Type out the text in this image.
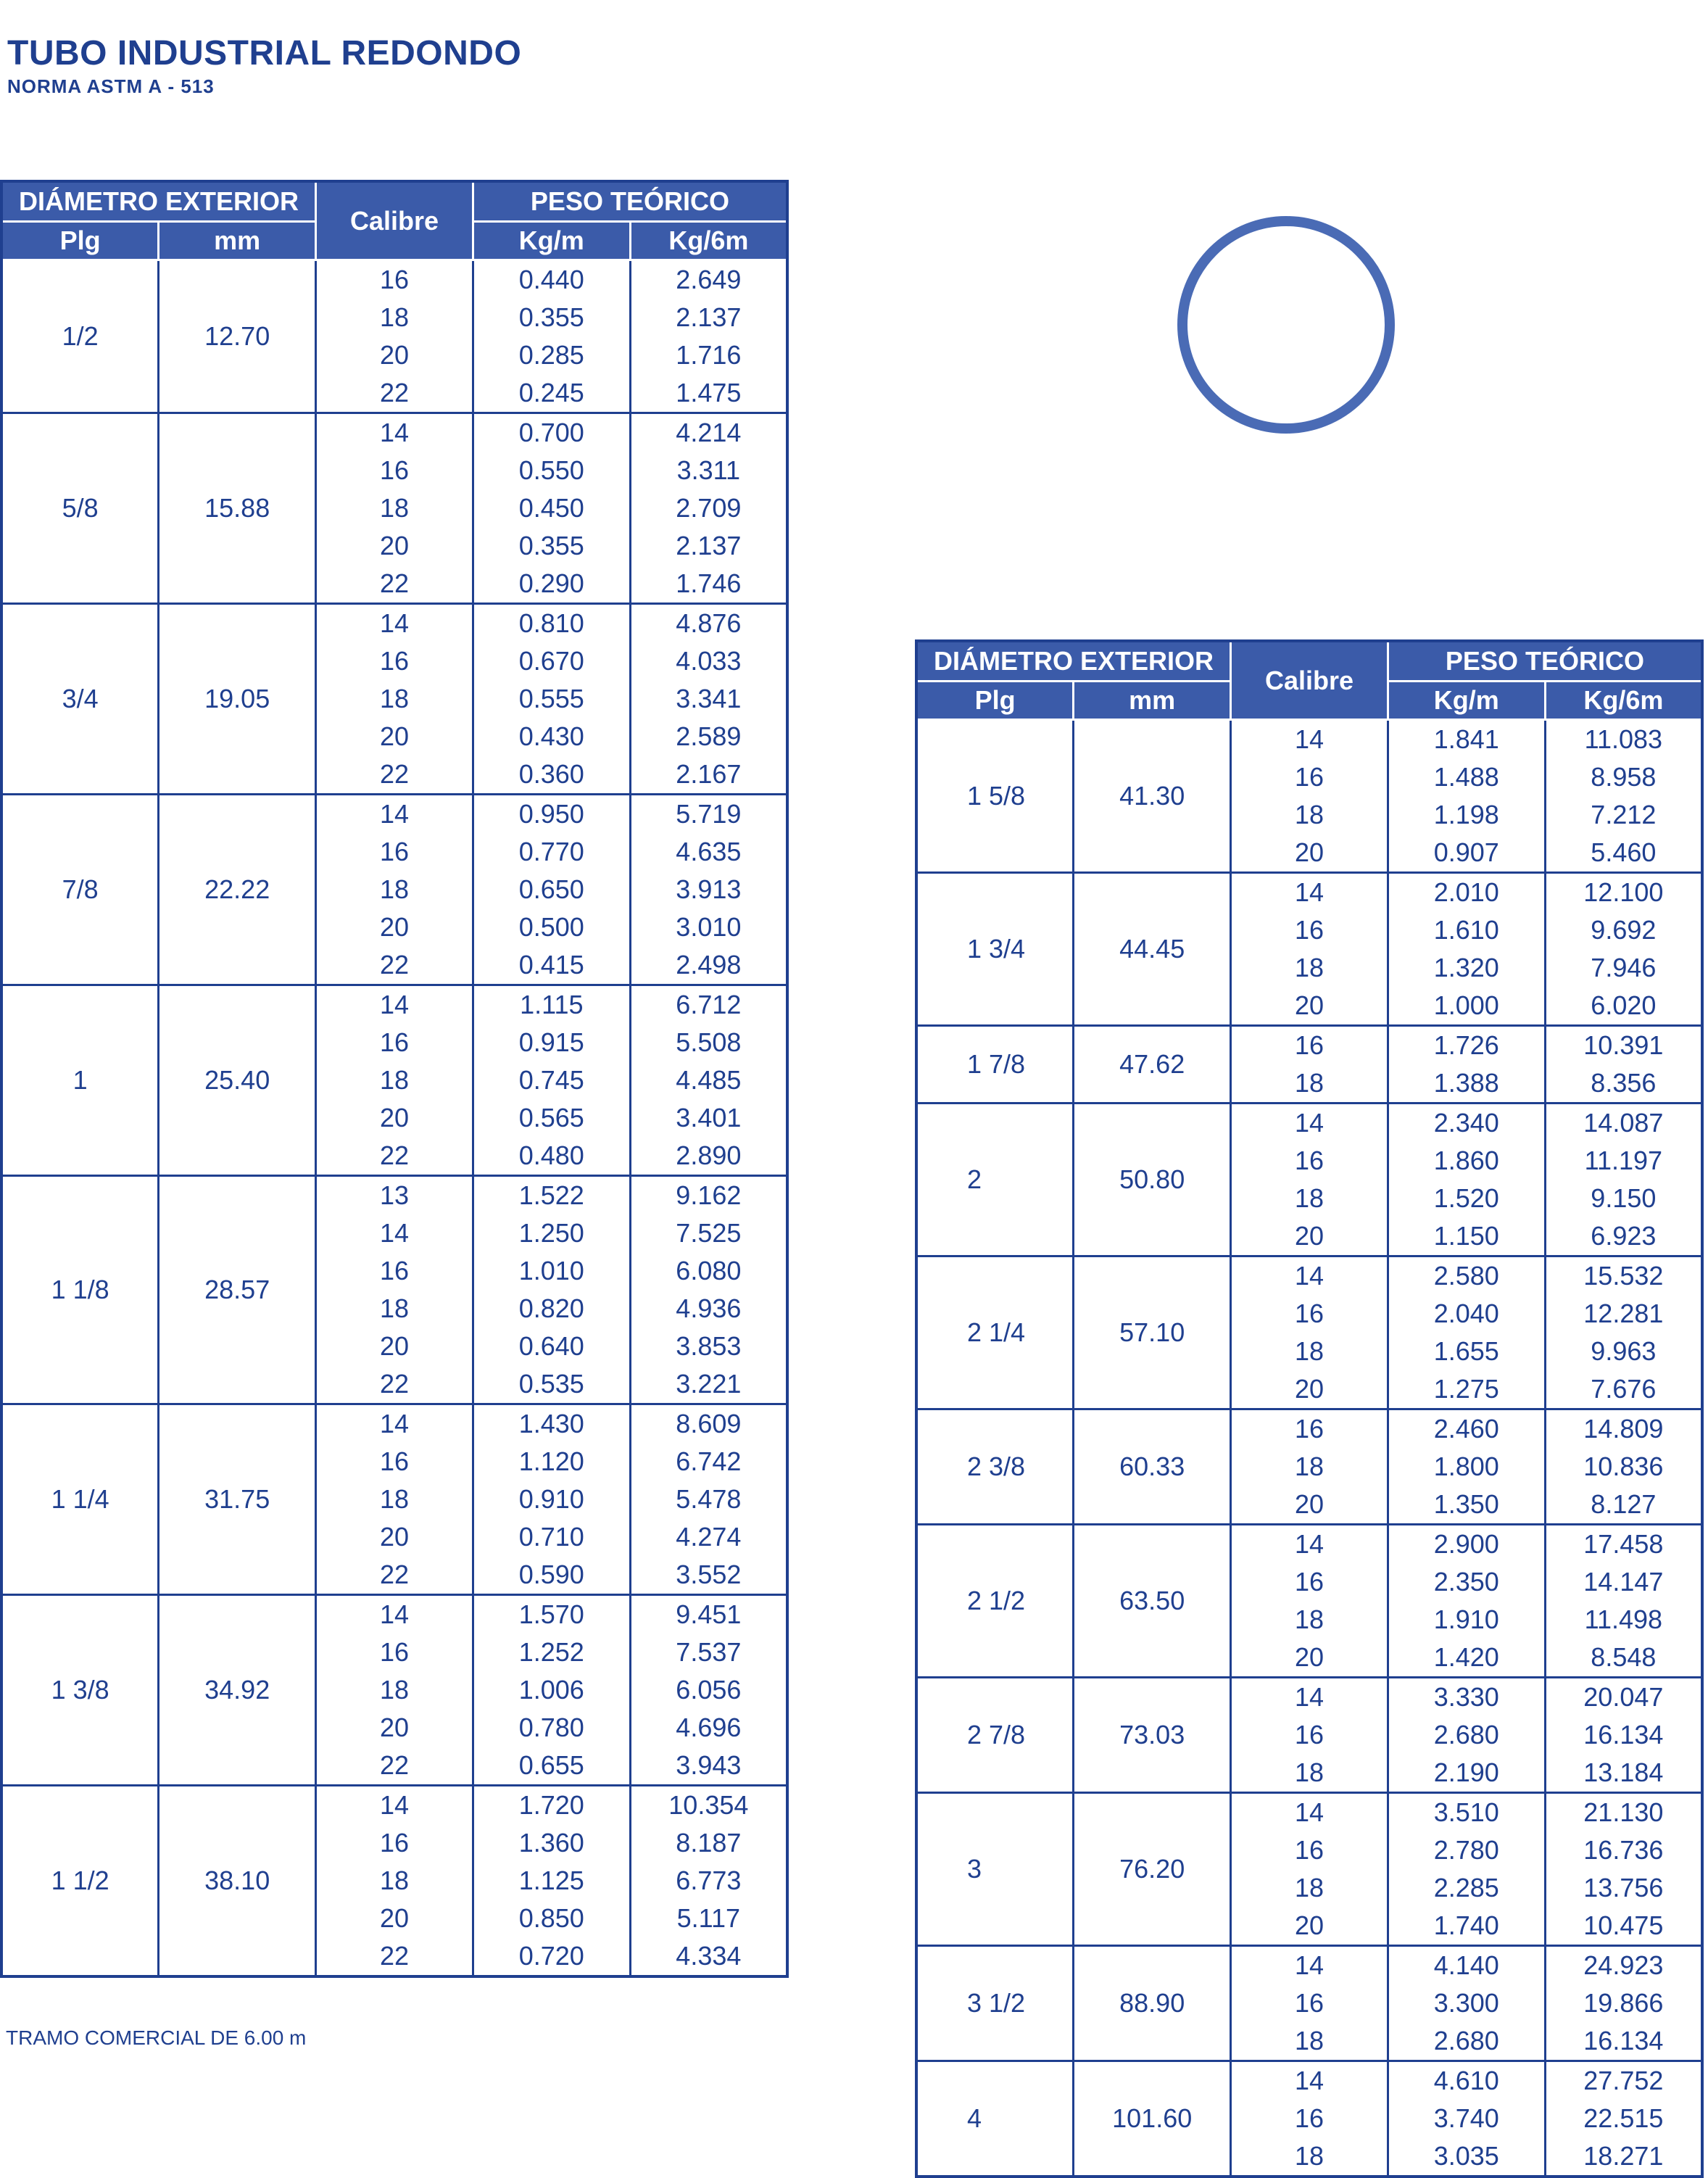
TUBO INDUSTRIAL REDONDO
NORMA ASTM A - 513
DIÁMETRO EXTERIOR		Calibre	PESO TEÓRICO	
Plg	mm		Kg/m	Kg/6m
1/2	12.70	16	0.440	2.649
		18	0.355	2.137
		20	0.285	1.716
		22	0.245	1.475
5/8	15.88	14	0.700	4.214
		16	0.550	3.311
		18	0.450	2.709
		20	0.355	2.137
		22	0.290	1.746
3/4	19.05	14	0.810	4.876
		16	0.670	4.033
		18	0.555	3.341
		20	0.430	2.589
		22	0.360	2.167
7/8	22.22	14	0.950	5.719
		16	0.770	4.635
		18	0.650	3.913
		20	0.500	3.010
		22	0.415	2.498
1	25.40	14	1.115	6.712
		16	0.915	5.508
		18	0.745	4.485
		20	0.565	3.401
		22	0.480	2.890
1 1/8	28.57	13	1.522	9.162
		14	1.250	7.525
		16	1.010	6.080
		18	0.820	4.936
		20	0.640	3.853
		22	0.535	3.221
1 1/4	31.75	14	1.430	8.609
		16	1.120	6.742
		18	0.910	5.478
		20	0.710	4.274
		22	0.590	3.552
1 3/8	34.92	14	1.570	9.451
		16	1.252	7.537
		18	1.006	6.056
		20	0.780	4.696
		22	0.655	3.943
1 1/2	38.10	14	1.720	10.354
		16	1.360	8.187
		18	1.125	6.773
		20	0.850	5.117
		22	0.720	4.334
DIÁMETRO EXTERIOR		Calibre	PESO TEÓRICO	
Plg	mm		Kg/m	Kg/6m
1 5/8	41.30	14	1.841	11.083
		16	1.488	8.958
		18	1.198	7.212
		20	0.907	5.460
1 3/4	44.45	14	2.010	12.100
		16	1.610	9.692
		18	1.320	7.946
		20	1.000	6.020
1 7/8	47.62	16	1.726	10.391
		18	1.388	8.356
2	50.80	14	2.340	14.087
		16	1.860	11.197
		18	1.520	9.150
		20	1.150	6.923
2 1/4	57.10	14	2.580	15.532
		16	2.040	12.281
		18	1.655	9.963
		20	1.275	7.676
2 3/8	60.33	16	2.460	14.809
		18	1.800	10.836
		20	1.350	8.127
2 1/2	63.50	14	2.900	17.458
		16	2.350	14.147
		18	1.910	11.498
		20	1.420	8.548
2 7/8	73.03	14	3.330	20.047
		16	2.680	16.134
		18	2.190	13.184
3	76.20	14	3.510	21.130
		16	2.780	16.736
		18	2.285	13.756
		20	1.740	10.475
3 1/2	88.90	14	4.140	24.923
		16	3.300	19.866
		18	2.680	16.134
4	101.60	14	4.610	27.752
		16	3.740	22.515
		18	3.035	18.271
TRAMO COMERCIAL DE 6.00 m
